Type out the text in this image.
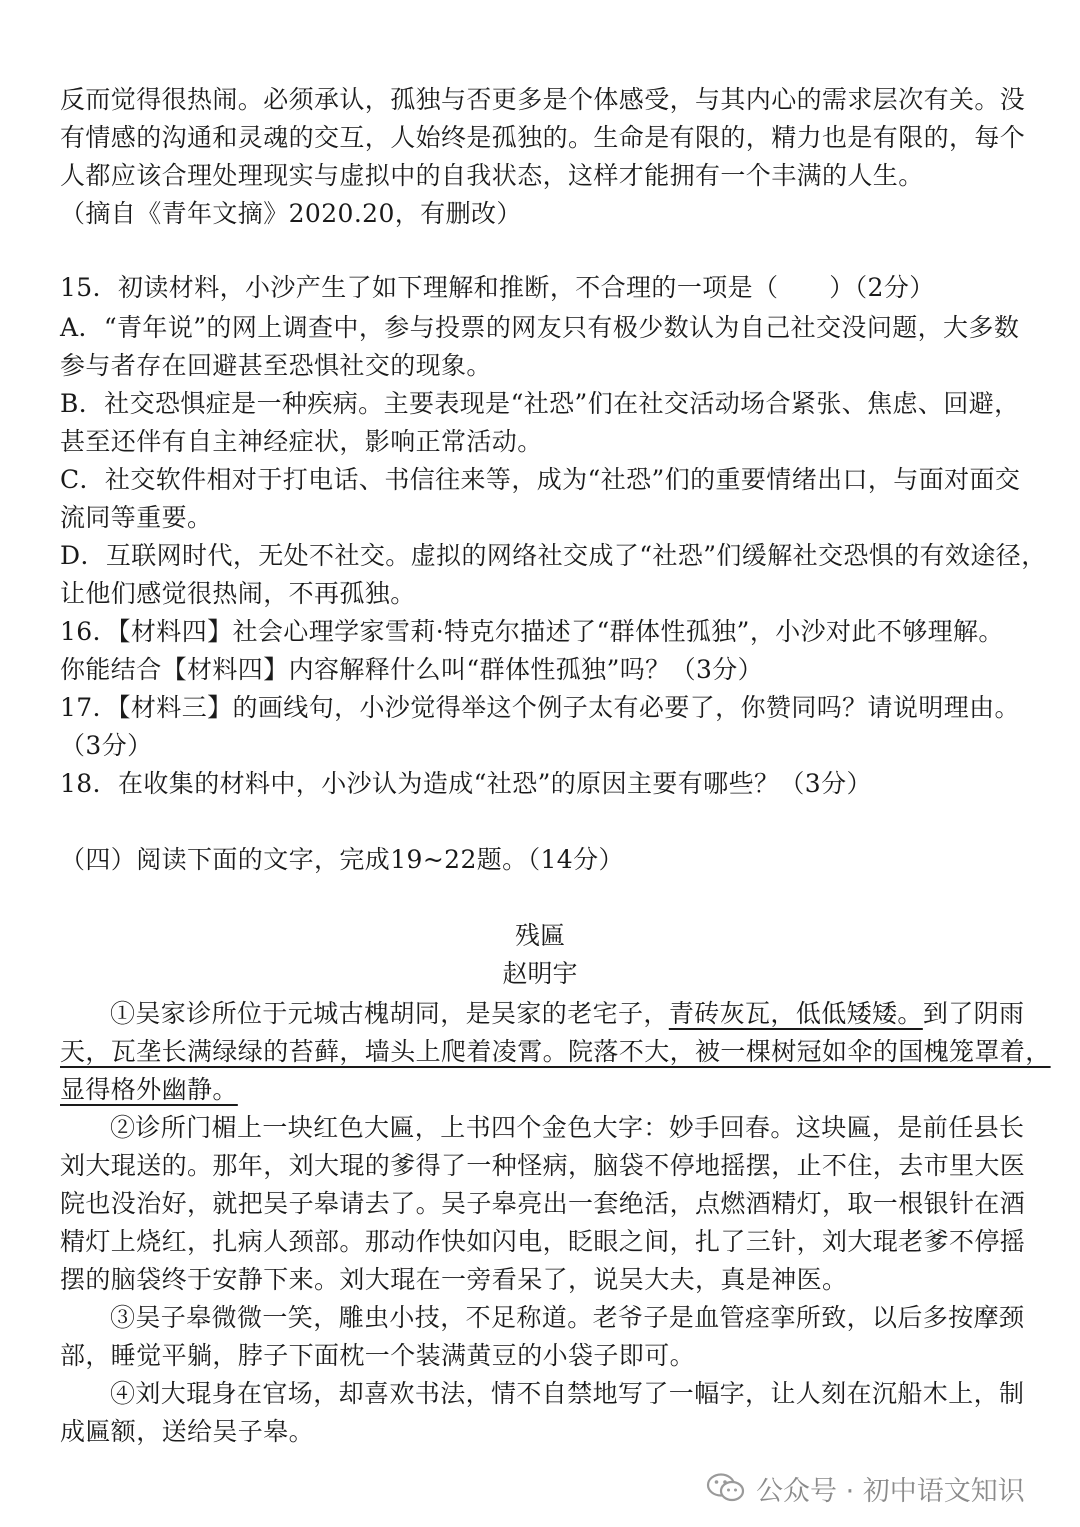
反而觉得很热闹。必须承认，孤独与否更多是个体感受，与其内心的需求层次有关。没
有情感的沟通和灵魂的交互，人始终是孤独的。生命是有限的，精力也是有限的，每个
人都应该合理处理现实与虚拟中的自我状态，这样才能拥有一个丰满的人生。
（摘自《青年文摘》2020.20，有删改）
15．初读材料，小沙产生了如下理解和推断，不合理的一项是（　　）（2分）
A．“青年说”的网上调查中，参与投票的网友只有极少数认为自己社交没问题，大多数
参与者存在回避甚至恐惧社交的现象。
B．社交恐惧症是一种疾病。主要表现是“社恐”们在社交活动场合紧张、焦虑、回避，
甚至还伴有自主神经症状，影响正常活动。
C．社交软件相对于打电话、书信往来等，成为“社恐”们的重要情绪出口，与面对面交
流同等重要。
D．互联网时代，无处不社交。虚拟的网络社交成了“社恐”们缓解社交恐惧的有效途径，
让他们感觉很热闹，不再孤独。
16．【材料四】社会心理学家雪莉·特克尔描述了“群体性孤独”，小沙对此不够理解。
你能结合【材料四】内容解释什么叫“群体性孤独”吗？（3分）
17．【材料三】的画线句，小沙觉得举这个例子太有必要了，你赞同吗？请说明理由。
（3分）
18．在收集的材料中，小沙认为造成“社恐”的原因主要有哪些？（3分）
（四）阅读下面的文字，完成19~22题。（14分）
残匾
赵明宇
①吴家诊所位于元城古槐胡同，是吴家的老宅子，青砖灰瓦，低低矮矮。到了阴雨
天，瓦垄长满绿绿的苔藓，墙头上爬着凌霄。院落不大，被一棵树冠如伞的国槐笼罩着，
显得格外幽静。
②诊所门楣上一块红色大匾，上书四个金色大字：妙手回春。这块匾，是前任县长
刘大琨送的。那年，刘大琨的爹得了一种怪病，脑袋不停地摇摆，止不住，去市里大医
院也没治好，就把吴子皋请去了。吴子皋亮出一套绝活，点燃酒精灯，取一根银针在酒
精灯上烧红，扎病人颈部。那动作快如闪电，眨眼之间，扎了三针，刘大琨老爹不停摇
摆的脑袋终于安静下来。刘大琨在一旁看呆了，说吴大夫，真是神医。
③吴子皋微微一笑，雕虫小技，不足称道。老爷子是血管痉挛所致，以后多按摩颈
部，睡觉平躺，脖子下面枕一个装满黄豆的小袋子即可。
④刘大琨身在官场，却喜欢书法，情不自禁地写了一幅字，让人刻在沉船木上，制
成匾额，送给吴子皋。
公众号 · 初中语文知识
